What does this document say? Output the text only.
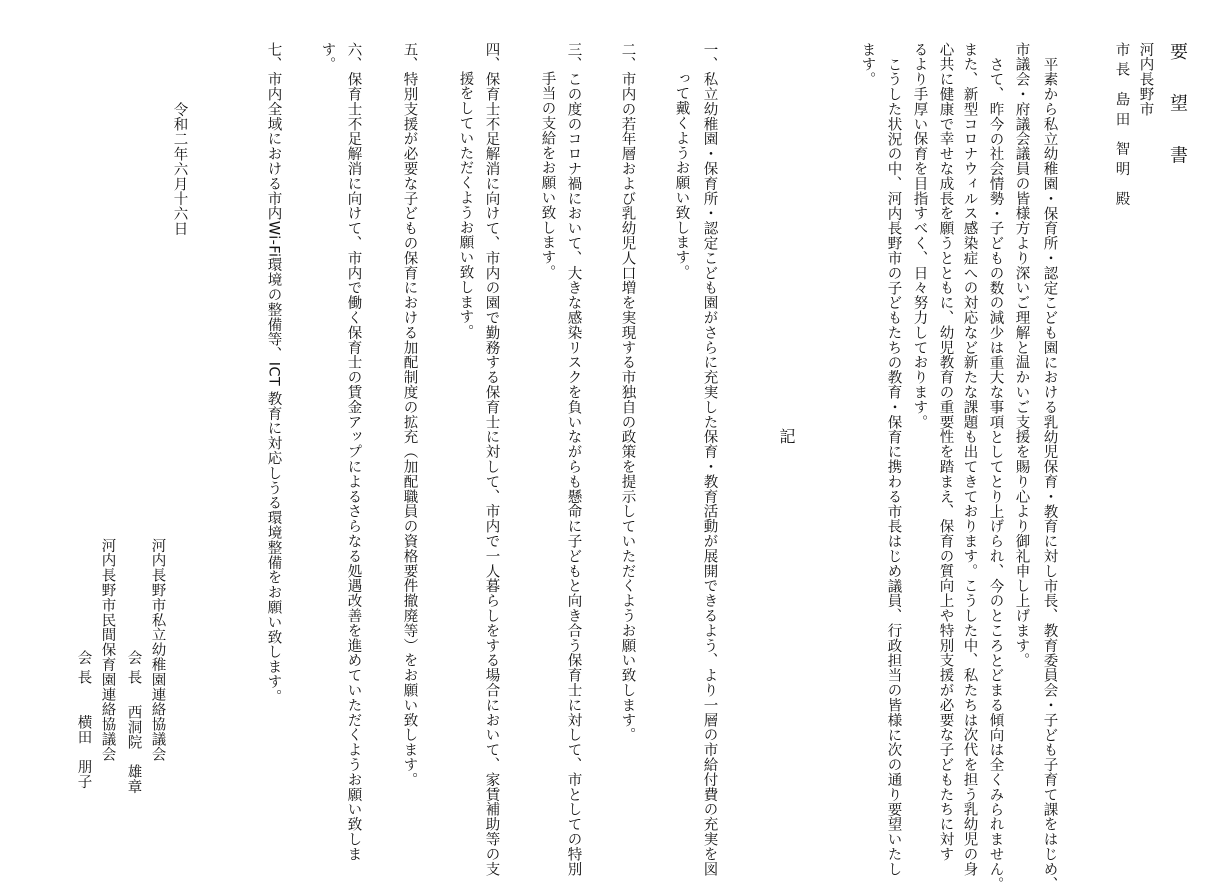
要 望 書
河内長野市
市 長　島 田　智 明　殿
平素から私立幼稚園・保育所・認定こども園における乳幼児保育・教育に対し市長、教育委員会・子ども子育て課をはじめ、
市議会・府議会議員の皆様方より深いご理解と温かいご支援を賜り心より御礼申し上げます。
さて、昨今の社会情勢・子どもの数の減少は重大な事項としてとり上げられ、今のところとどまる傾向は全くみられません。
また、新型コロナウィルス感染症への対応など新たな課題も出てきております。こうした中、私たちは次代を担う乳幼児の身
心共に健康で幸せな成長を願うとともに、幼児教育の重要性を踏まえ、保育の質向上や特別支援が必要な子どもたちに対す
るより手厚い保育を目指すべく、日々努力しております。
こうした状況の中、河内長野市の子どもたちの教育・保育に携わる市長はじめ議員、行政担当の皆様に次の通り要望いたし
ます。
記
一、私立幼稚園・保育所・認定こども園がさらに充実した保育・教育活動が展開できるよう、より一層の市給付費の充実を図
って戴くようお願い致します。
二、市内の若年層および乳幼児人口増を実現する市独自の政策を提示していただくようお願い致します。
三、この度のコロナ禍において、大きな感染リスクを負いながらも懸命に子どもと向き合う保育士に対して、市としての特別
手当の支給をお願い致します。
四、保育士不足解消に向けて、市内の園で勤務する保育士に対して、市内で一人暮らしをする場合において、家賃補助等の支
援をしていただくようお願い致します。
五、特別支援が必要な子どもの保育における加配制度の拡充（加配職員の資格要件撤廃等）をお願い致します。
六、保育士不足解消に向けて、市内で働く保育士の賃金アップによるさらなる処遇改善を進めていただくようお願い致しま
す。
七、市内全域における市内Wi-Fi環境の整備等、ICT 教育に対応しうる環境整備をお願い致します。
令和二年六月十六日
河内長野市私立幼稚園連絡協議会
会 長　 西洞院　雄章
河内長野市民間保育園連絡協議会
会 長　　横田　朋子
